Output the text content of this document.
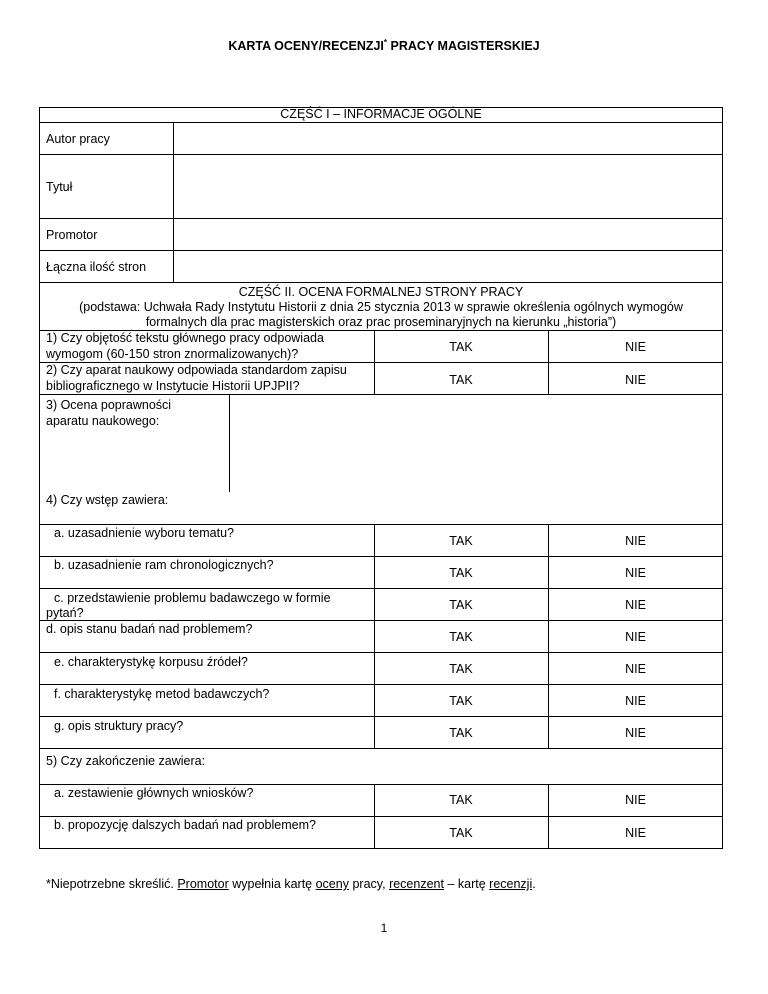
KARTA OCENY/RECENZJI* PRACY MAGISTERSKIEJ
CZĘŚĆ I – INFORMACJE OGÓLNE
Autor pracy
Tytuł
Promotor
Łączna ilość stron
CZĘŚĆ II. OCENA FORMALNEJ STRONY PRACY
(podstawa: Uchwała Rady Instytutu Historii z dnia 25 stycznia 2013 w sprawie określenia ogólnych wymogów
formalnych dla prac magisterskich oraz prac proseminaryjnych na kierunku „historia”)
1) Czy objętość tekstu głównego pracy odpowiada
wymogom (60-150 stron znormalizowanych)?	TAK	NIE
2) Czy aparat naukowy odpowiada standardom zapisu
bibliograficznego w Instytucie Historii UPJPII?	TAK	NIE
3) Ocena poprawności
aparatu naukowego:
4) Czy wstęp zawiera:
a. uzasadnienie wyboru tematu?
TAK	NIE
b. uzasadnienie ram chronologicznych?
TAK	NIE
c. przedstawienie problemu badawczego w formie
pytań?
TAK	NIE
d. opis stanu badań nad problemem?
TAK	NIE
e. charakterystykę korpusu źródeł?	TAK	NIE
f. charakterystykę metod badawczych?	TAK	NIE
g. opis struktury pracy?	TAK	NIE
5) Czy zakończenie zawiera:
a. zestawienie głównych wniosków?	TAK	NIE
b. propozycję dalszych badań nad problemem?
TAK	NIE
*Niepotrzebne skreślić. Promotor wypełnia kartę oceny pracy, recenzent – kartę recenzji.
1
